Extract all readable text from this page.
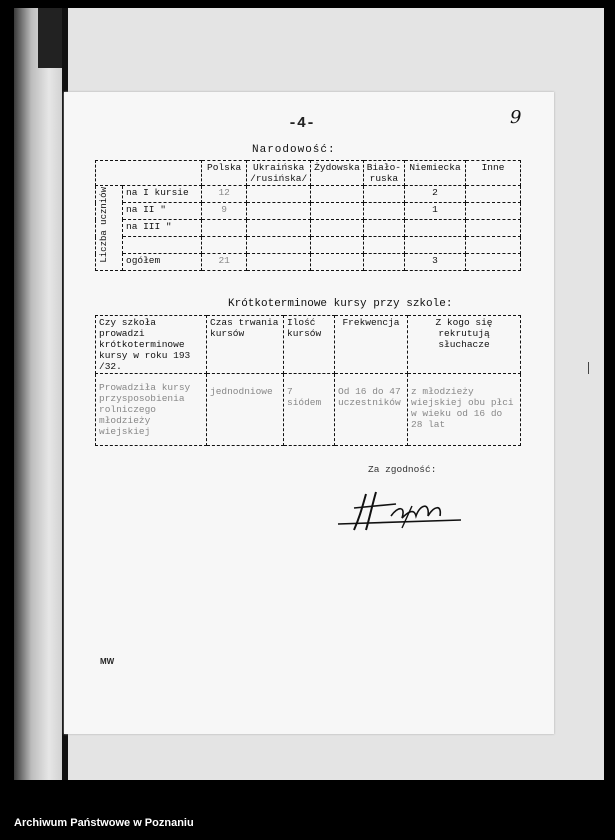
9
-4-
Narodowość:
		Polska	Ukraińska /rusińska/	Żydowska	Biało-ruska	Niemiecka	Inne

Liczba uczniów	na I kursie	12				2	
	na II "	9				1	
	na III "						

	ogółem	21				3	
Krótkoterminowe kursy przy szkole:
Czy szkoła prowadzi krótkoterminowe kursy w roku 193 /32.	Czas trwania kursów	Ilość kursów	Frekwencja	Z kogo się rekrutują słuchacze
Prowadziła kursy przysposobienia rolniczego młodzieży wiejskiej	jednodniowe	7 siódem	Od 16 do 47 uczestników	z młodzieży wiejskiej obu płci w wieku od 16 do 28 lat
Za zgodność:
MW
Archiwum Państwowe w Poznaniu
